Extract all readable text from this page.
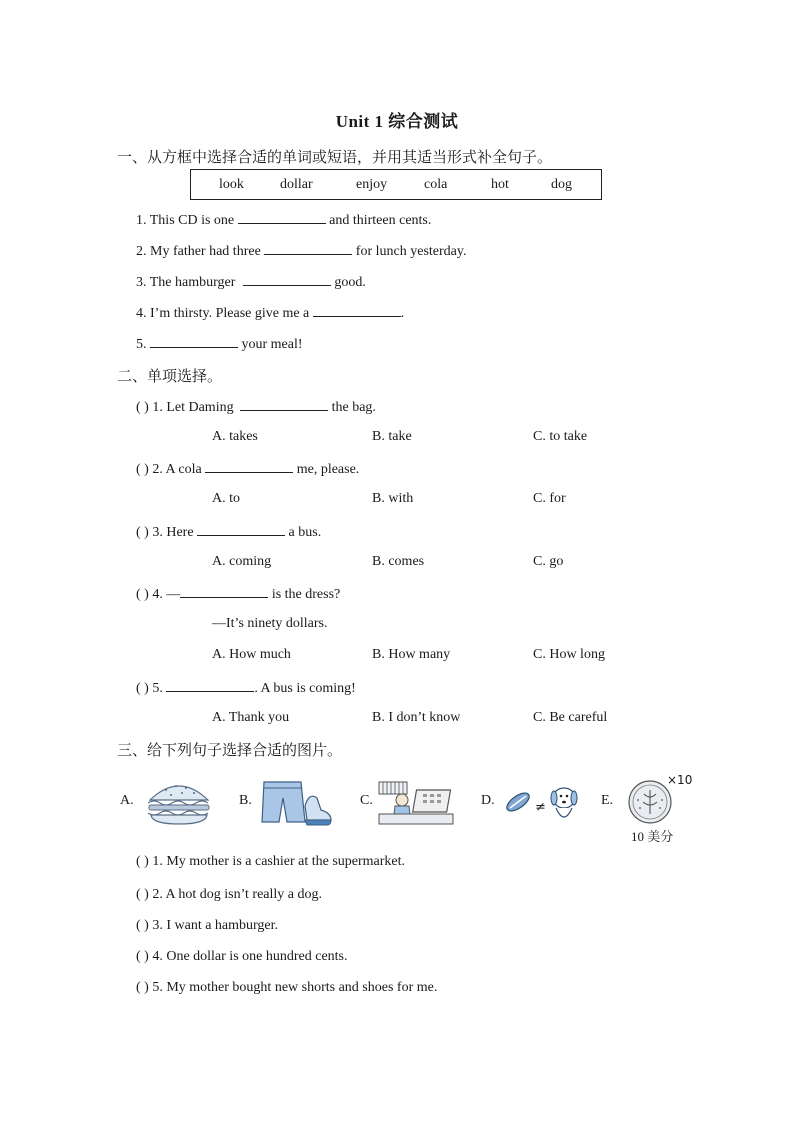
Unit 1 综合测试
一、从方框中选择合适的单词或短语，并用其适当形式补全句子。
look	dollar	enjoy	cola	hot	dog
1. This CD is one	and thirteen cents.
2. My father had three	for lunch yesterday.
3. The hamburger	good.
4. I’m thirsty. Please give me a	.
5.	your meal!
二、单项选择。
( ) 1. Let Daming	the bag.
A. takes	B. take	C. to take
( ) 2. A cola	me, please.
A. to	B. with	C. for
( ) 3. Here	a bus.
A. coming	B. comes	C. go
( ) 4. —	is the dress?
—It’s ninety dollars.
A. How much	B. How many	C. How long
( ) 5.	. A bus is coming!
A. Thank you	B. I don’t know	C. Be careful
三、给下列句子选择合适的图片。
A.	B.	C.	D.	≠	E.
×10
10 美分
( ) 1. My mother is a cashier at the supermarket.
( ) 2. A hot dog isn’t really a dog.
( ) 3. I want a hamburger.
( ) 4. One dollar is one hundred cents.
( ) 5. My mother bought new shorts and shoes for me.
